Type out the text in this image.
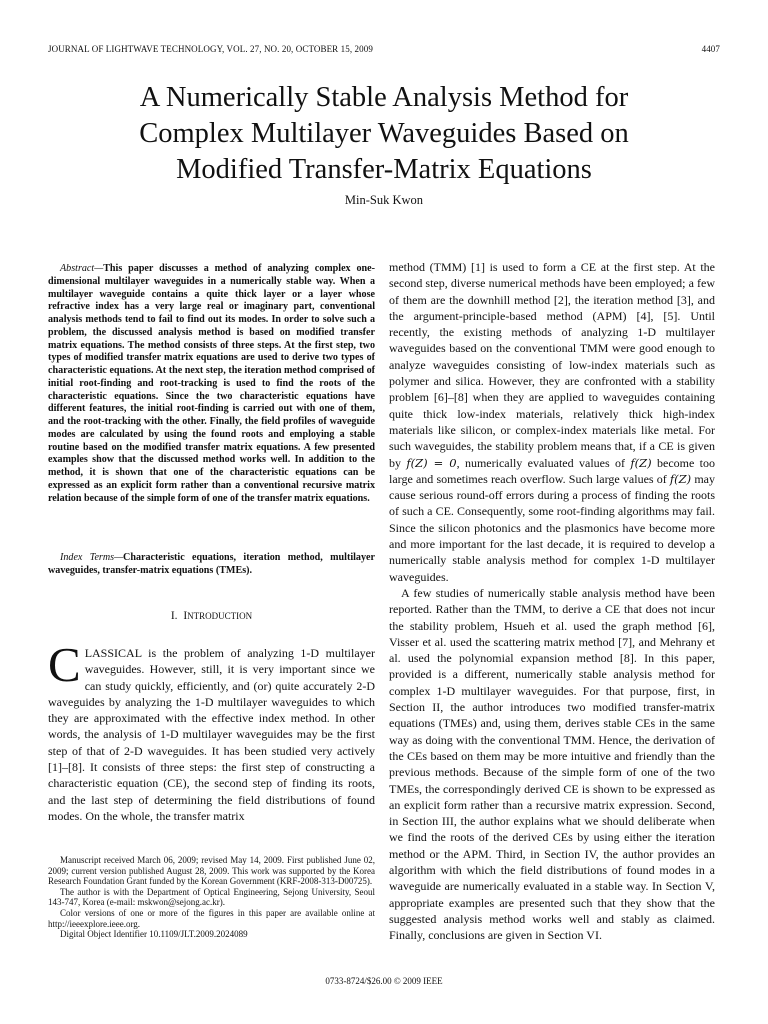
JOURNAL OF LIGHTWAVE TECHNOLOGY, VOL. 27, NO. 20, OCTOBER 15, 2009	4407
A Numerically Stable Analysis Method for
Complex Multilayer Waveguides Based on
Modified Transfer-Matrix Equations
Min-Suk Kwon

Abstract—This paper discusses a method of analyzing complex one-dimensional multilayer waveguides in a numerically stable way. When a multilayer waveguide contains a quite thick layer or a layer whose refractive index has a very large real or imaginary part, conventional analysis methods tend to fail to find out its modes. In order to solve such a problem, the discussed analysis method is based on modified transfer matrix equations. The method consists of three steps. At the first step, two types of modified transfer matrix equations are used to derive two types of characteristic equations. At the next step, the iteration method comprised of initial root-finding and root-tracking is used to find the roots of the characteristic equations. Since the two characteristic equations have different features, the initial root-finding is carried out with one of them, and the root-tracking with the other. Finally, the field profiles of waveguide modes are calculated by using the found roots and employing a stable routine based on the modified transfer matrix equations. A few presented examples show that the discussed method works well. In addition to the method, it is shown that one of the characteristic equations can be expressed as an explicit form rather than a conventional recursive matrix relation because of the simple form of one of the transfer matrix equations.

Index Terms—Characteristic equations, iteration method, multilayer waveguides, transfer-matrix equations (TMEs).

I. INTRODUCTION

CLASSICAL is the problem of analyzing 1-D multilayer waveguides. However, still, it is very important since we can study quickly, efficiently, and (or) quite accurately 2-D waveguides by analyzing the 1-D multilayer waveguides to which they are approximated with the effective index method. In other words, the analysis of 1-D multilayer waveguides may be the first step of that of 2-D waveguides. It has been studied very actively [1]–[8]. It consists of three steps: the first step of constructing a characteristic equation (CE), the second step of finding its roots, and the last step of determining the field distributions of found modes. On the whole, the transfer matrix

Manuscript received March 06, 2009; revised May 14, 2009. First published June 02, 2009; current version published August 28, 2009. This work was supported by the Korea Research Foundation Grant funded by the Korean Government (KRF-2008-313-D00725).

The author is with the Department of Optical Engineering, Sejong University, Seoul 143-747, Korea (e-mail: mskwon@sejong.ac.kr).

Color versions of one or more of the figures in this paper are available online at http://ieeexplore.ieee.org.

Digital Object Identifier 10.1109/JLT.2009.2024089

method (TMM) [1] is used to form a CE at the first step. At the second step, diverse numerical methods have been employed; a few of them are the downhill method [2], the iteration method [3], and the argument-principle-based method (APM) [4], [5]. Until recently, the existing methods of analyzing 1-D multilayer waveguides based on the conventional TMM were good enough to analyze waveguides consisting of low-index materials such as polymer and silica. However, they are confronted with a stability problem [6]–[8] when they are applied to waveguides containing quite thick low-index materials, relatively thick high-index materials like silicon, or complex-index materials like metal. For such waveguides, the stability problem means that, if a CE is given by f(Z) = 0, numerically evaluated values of f(Z) become too large and sometimes reach overflow. Such large values of f(Z) may cause serious round-off errors during a process of finding the roots of such a CE. Consequently, some root-finding algorithms may fail. Since the silicon photonics and the plasmonics have become more and more important for the last decade, it is required to develop a numerically stable analysis method for complex 1-D multilayer waveguides.

A few studies of numerically stable analysis method have been reported. Rather than the TMM, to derive a CE that does not incur the stability problem, Hsueh et al. used the graph method [6], Visser et al. used the scattering matrix method [7], and Mehrany et al. used the polynomial expansion method [8]. In this paper, provided is a different, numerically stable analysis method for complex 1-D multilayer waveguides. For that purpose, first, in Section II, the author introduces two modified transfer-matrix equations (TMEs) and, using them, derives stable CEs in the same way as doing with the conventional TMM. Hence, the derivation of the CEs based on them may be more intuitive and friendly than the previous methods. Because of the simple form of one of the two TMEs, the correspondingly derived CE is shown to be expressed as an explicit form rather than a recursive matrix expression. Second, in Section III, the author explains what we should deliberate when we find the roots of the derived CEs by using either the iteration method or the APM. Third, in Section IV, the author provides an algorithm with which the field distributions of found modes in a waveguide are numerically evaluated in a stable way. In Section V, appropriate examples are presented such that they show that the suggested analysis method works well and stably as claimed. Finally, conclusions are given in Section VI.

0733-8724/$26.00 © 2009 IEEE
